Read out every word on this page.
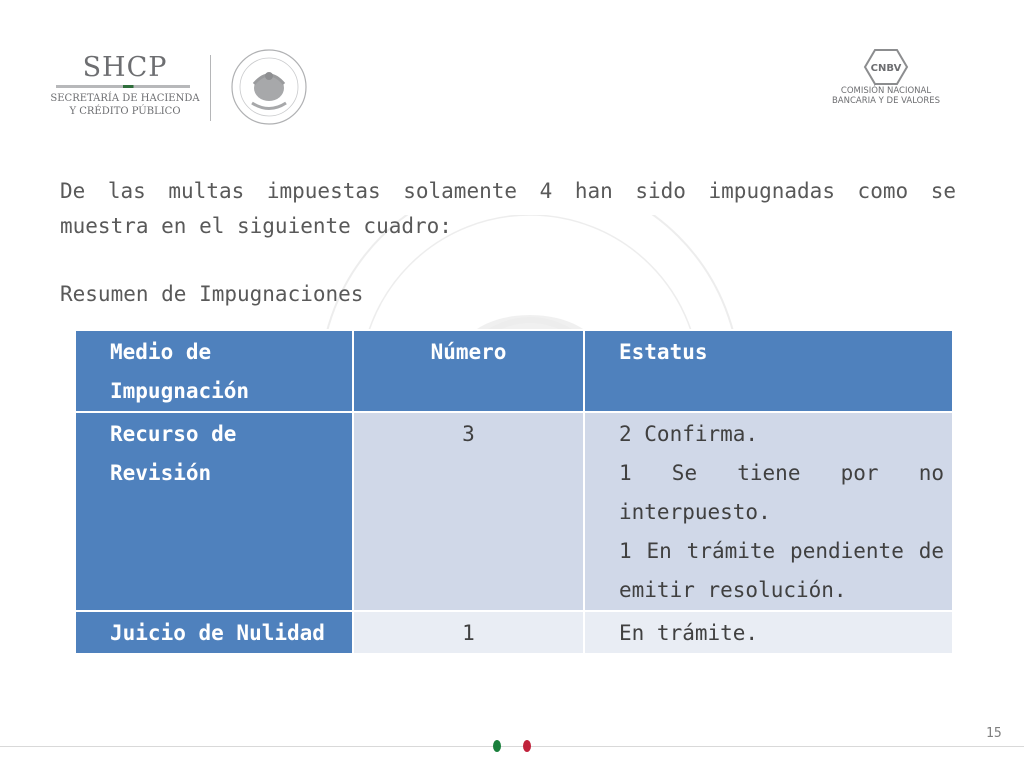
SHCP
SECRETARÍA DE HACIENDA
Y CRÉDITO PÚBLICO
CNBV
COMISIÓN NACIONAL
BANCARIA Y DE VALORES

De las multas impuestas solamente 4 han sido impugnadas como se muestra en el siguiente cuadro:

Resumen de Impugnaciones

Medio de Impugnación	Número	Estatus
Recurso de Revisión	3	2 Confirma.
1 Se tiene por no interpuesto.
1 En trámite pendiente de emitir resolución.

Juicio de Nulidad	1	En trámite.
15
